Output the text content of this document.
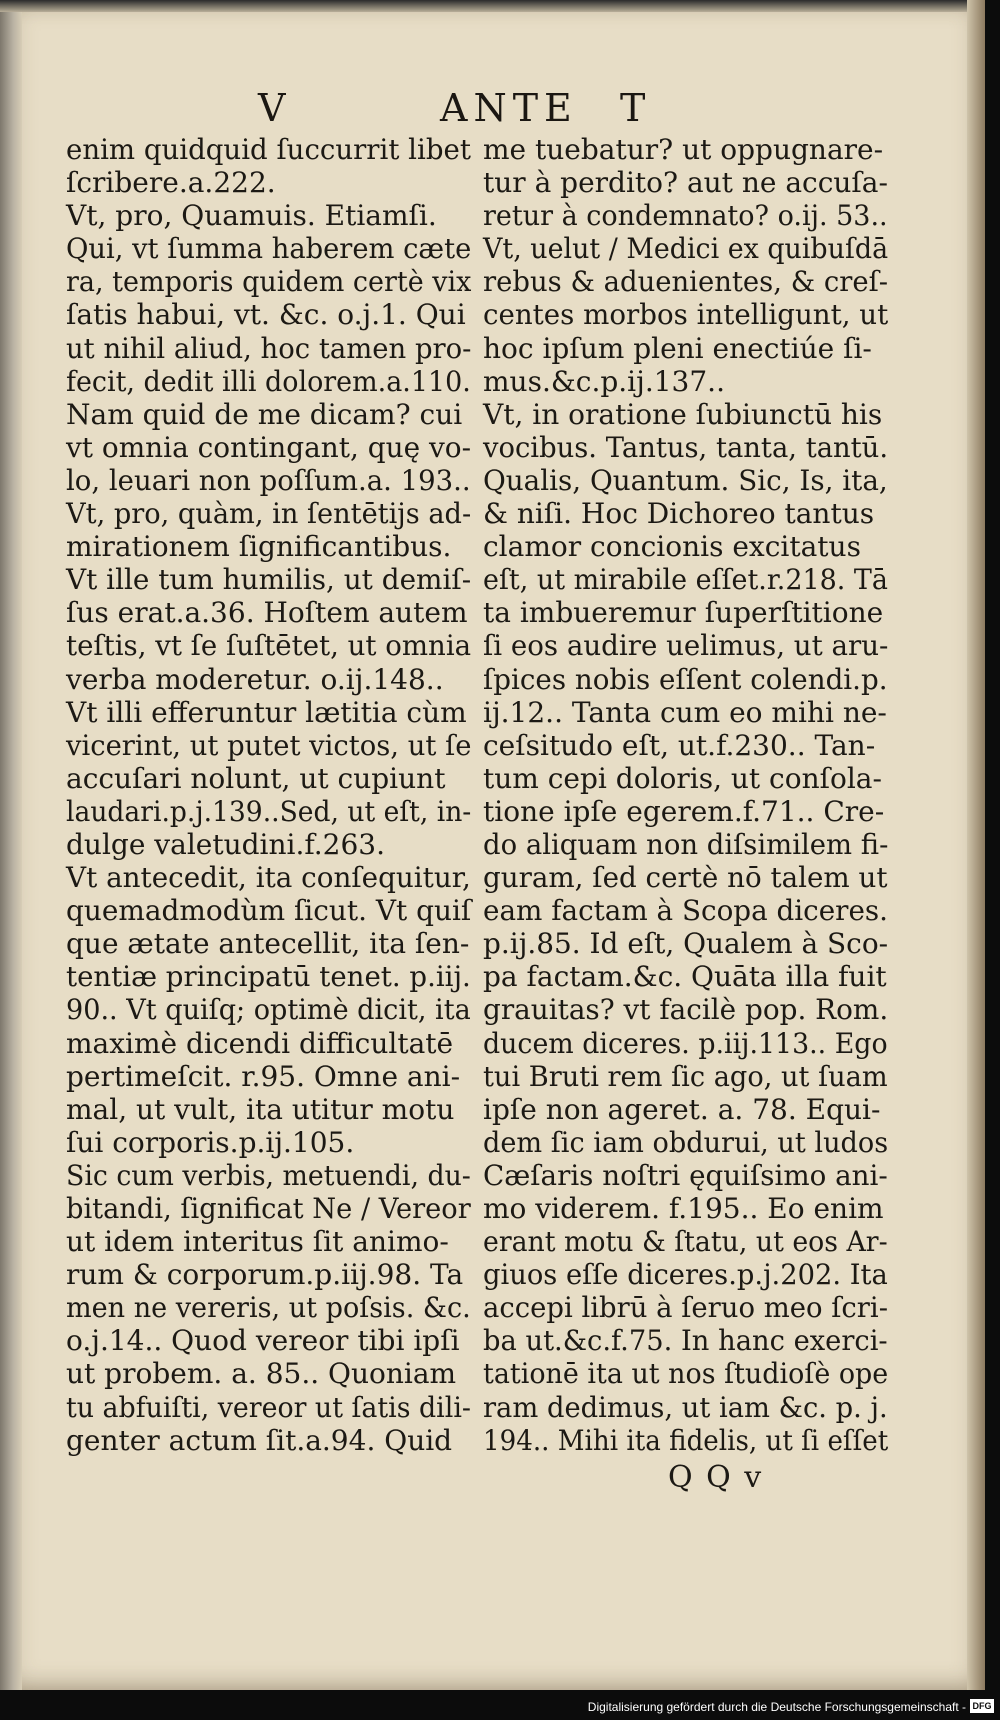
V	ANTE T
enim quidquid ſuccurrit libet
ſcribere.a.222.
Vt, pro, Quamuis. Etiamſi.
Qui, vt ſumma haberem cæte
ra, temporis quidem certè vix
ſatis habui, vt. &c. o.j.1. Qui
ut nihil aliud, hoc tamen pro-
fecit, dedit illi dolorem.a.110.
Nam quid de me dicam? cui
vt omnia contingant, quę vo-
lo, leuari non poſſum.a. 193..
Vt, pro, quàm, in ſentētijs ad-
mirationem ſignificantibus.
Vt ille tum humilis, ut demiſ-
ſus erat.a.36. Hoſtem autem
teſtis, vt ſe ſuſtētet, ut omnia
verba moderetur. o.ij.148..
Vt illi efferuntur lætitia cùm
vicerint, ut putet victos, ut ſe
accuſari nolunt, ut cupiunt
laudari.p.j.139..Sed, ut eſt, in-
dulge valetudini.f.263.
Vt antecedit, ita conſequitur,
quemadmodùm ſicut. Vt quiſ
que ætate antecellit, ita ſen-
tentiæ principatū tenet. p.iij.
90.. Vt quiſq; optimè dicit, ita
maximè dicendi difficultatē
pertimeſcit. r.95. Omne ani-
mal, ut vult, ita utitur motu
ſui corporis.p.ij.105.
Sic cum verbis, metuendi, du-
bitandi, ſignificat Ne / Vereor
ut idem interitus ſit animo-
rum & corporum.p.iij.98. Ta
men ne vereris, ut poſsis. &c.
o.j.14.. Quod vereor tibi ipſi
ut probem. a. 85.. Quoniam
tu abfuiſti, vereor ut ſatis dili-
genter actum ſit.a.94. Quid
me tuebatur? ut oppugnare-
tur à perdito? aut ne accuſa-
retur à condemnato? o.ij. 53..
Vt, uelut / Medici ex quibuſdā
rebus & aduenientes, & creſ-
centes morbos intelligunt, ut
hoc ipſum pleni enectiúe ſi-
mus.&c.p.ij.137..
Vt, in oratione ſubiunctū his
vocibus. Tantus, tanta, tantū.
Qualis, Quantum. Sic, Is, ita,
& niſi. Hoc Dichoreo tantus
clamor concionis excitatus
eſt, ut mirabile eſſet.r.218. Tā
ta imbueremur ſuperſtitione
ſi eos audire uelimus, ut aru-
ſpices nobis eſſent colendi.p.
ij.12.. Tanta cum eo mihi ne-
ceſsitudo eſt, ut.f.230.. Tan-
tum cepi doloris, ut conſola-
tione ipſe egerem.f.71.. Cre-
do aliquam non diſsimilem fi-
guram, ſed certè nō talem ut
eam factam à Scopa diceres.
p.ij.85. Id eſt, Qualem à Sco-
pa factam.&c. Quāta illa fuit
grauitas? vt facilè pop. Rom.
ducem diceres. p.iij.113.. Ego
tui Bruti rem ſic ago, ut ſuam
ipſe non ageret. a. 78. Equi-
dem ſic iam obdurui, ut ludos
Cæſaris noſtri ęquiſsimo ani-
mo viderem. f.195.. Eo enim
erant motu & ſtatu, ut eos Ar-
giuos eſſe diceres.p.j.202. Ita
accepi librū à ſeruo meo ſcri-
ba ut.&c.f.75. In hanc exerci-
tationē ita ut nos ſtudioſè ope
ram dedimus, ut iam &c. p. j.
194.. Mihi ita fidelis, ut ſi eſſet
Q Q v
Digitalisierung gefördert durch die Deutsche Forschungsgemeinschaft - DFG
